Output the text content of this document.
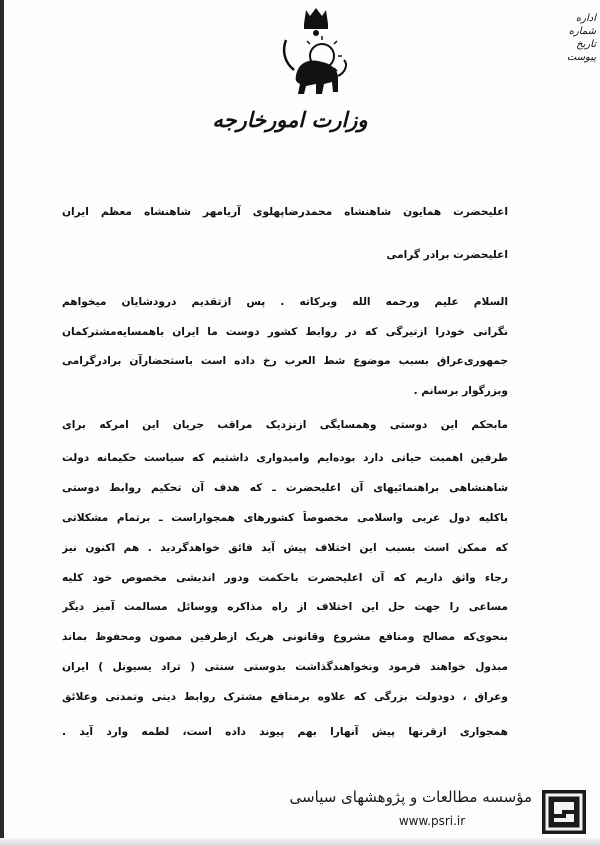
وزارت امورخارجه
اداره
شماره
تاریخ
پیوست
اعلیحضرت همایون شاهنشاه محمدرضاپهلوی آریامهر شاهنشاه معظم ایران
اعلیحضرت برادر گرامی
السلام علیم ورحمه الله وبرکاته . پس ازتقدیم درودشایان میخواهم
نگرانی خودرا ازتیرگی که در روابط کشور دوست ما ایران باهمسایه‌مشترکمان
جمهوری‌عراق بسبب موضوع شط العرب رخ داده است باستحضارآن برادرگرامی
وبزرگوار برسانم .
مابحکم این دوستی وهمسایگی ازنزدیک مراقب جریان این امرکه برای
طرفین اهمیت حیاتی دارد بوده‌ایم وامیدواری داشتیم که سیاست حکیمانه دولت
شاهنشاهی براهنمائیهای آن اعلیحضرت ـ که هدف آن تحکیم روابط دوستی
باکلیه دول عربی واسلامی مخصوصاً کشورهای همجواراست ـ برتمام مشکلاتی
که ممکن است بسبب این اختلاف پیش آید فائق خواهدگردید . هم اکنون نیز
رجاء واثق داریم که آن اعلیحضرت باحکمت ودور اندیشی مخصوص خود کلیه
مساعی را جهت حل این اختلاف از راه مذاکره ووسائل مسالمت آمیز دیگر
بنحوی‌که مصالح ومنافع مشروع وقانونی هریک ازطرفین مصون ومحفوظ بماند
مبذول خواهند فرمود ونخواهندگذاشت بدوستی سنتی ( تراد یسیونل ) ایران
وعراق ، دودولت بزرگی که علاوه برمنافع مشترک روابط دینی وتمدنی وعلائق
همجواری ازقرنها پیش آنهارا بهم پیوند داده است، لطمه وارد آید .
مؤسسه مطالعات و پژوهشهای سیاسی
www.psri.ir
